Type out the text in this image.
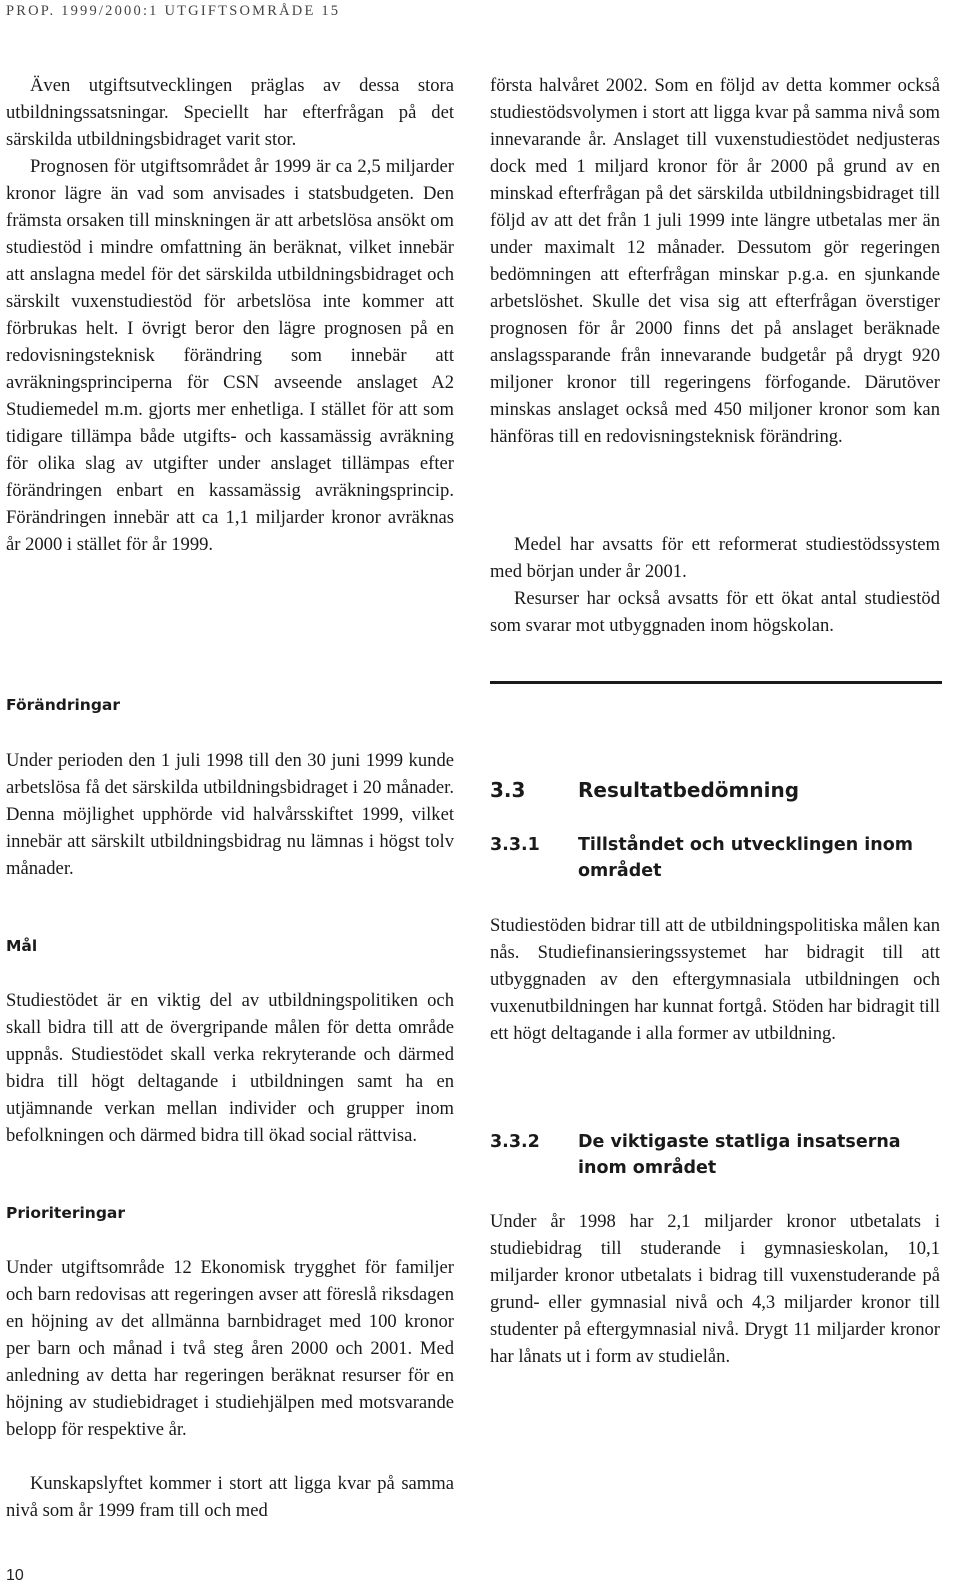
PROP. 1999/2000:1 UTGIFTSOMRÅDE 15

Även utgiftsutvecklingen präglas av dessa stora utbildningssatsningar. Speciellt har efterfrågan på det särskilda utbildningsbidraget varit stor.

Prognosen för utgiftsområdet år 1999 är ca 2,5 miljarder kronor lägre än vad som anvisades i statsbudgeten. Den främsta orsaken till minskningen är att arbetslösa ansökt om studiestöd i mindre omfattning än beräknat, vilket innebär att anslagna medel för det särskilda utbildningsbidraget och särskilt vuxenstudiestöd för arbetslösa inte kommer att förbrukas helt. I övrigt beror den lägre prognosen på en redovisningsteknisk förändring som innebär att avräkningsprinciperna för CSN avseende anslaget A2 Studiemedel m.m. gjorts mer enhetliga. I stället för att som tidigare tillämpa både utgifts- och kassamässig avräkning för olika slag av utgifter under anslaget tillämpas efter förändringen enbart en kassamässig avräkningsprincip. Förändringen innebär att ca 1,1 miljarder kronor avräknas år 2000 i stället för år 1999.

Förändringar

Under perioden den 1 juli 1998 till den 30 juni 1999 kunde arbetslösa få det särskilda utbildningsbidraget i 20 månader. Denna möjlighet upphörde vid halvårsskiftet 1999, vilket innebär att särskilt utbildningsbidrag nu lämnas i högst tolv månader.

Mål

Studiestödet är en viktig del av utbildningspolitiken och skall bidra till att de övergripande målen för detta område uppnås. Studiestödet skall verka rekryterande och därmed bidra till högt deltagande i utbildningen samt ha en utjämnande verkan mellan individer och grupper inom befolkningen och därmed bidra till ökad social rättvisa.

Prioriteringar

Under utgiftsområde 12 Ekonomisk trygghet för familjer och barn redovisas att regeringen avser att föreslå riksdagen en höjning av det allmänna barnbidraget med 100 kronor per barn och månad i två steg åren 2000 och 2001. Med anledning av detta har regeringen beräknat resurser för en höjning av studiebidraget i studiehjälpen med motsvarande belopp för respektive år.

Kunskapslyftet kommer i stort att ligga kvar på samma nivå som år 1999 fram till och med

första halvåret 2002. Som en följd av detta kommer också studiestödsvolymen i stort att ligga kvar på samma nivå som innevarande år. Anslaget till vuxenstudiestödet nedjusteras dock med 1 miljard kronor för år 2000 på grund av en minskad efterfrågan på det särskilda utbildningsbidraget till följd av att det från 1 juli 1999 inte längre utbetalas mer än under maximalt 12 månader. Dessutom gör regeringen bedömningen att efterfrågan minskar p.g.a. en sjunkande arbetslöshet. Skulle det visa sig att efterfrågan överstiger prognosen för år 2000 finns det på anslaget beräknade anslagssparande från innevarande budgetår på drygt 920 miljoner kronor till regeringens förfogande. Därutöver minskas anslaget också med 450 miljoner kronor som kan hänföras till en redovisningsteknisk förändring.

Medel har avsatts för ett reformerat studiestödssystem med början under år 2001.

Resurser har också avsatts för ett ökat antal studiestöd som svarar mot utbyggnaden inom högskolan.

3.3	Resultatbedömning
3.3.1 Tillståndet och utvecklingen inom området

Studiestöden bidrar till att de utbildningspolitiska målen kan nås. Studiefinansieringssystemet har bidragit till att utbyggnaden av den eftergymnasiala utbildningen och vuxenutbildningen har kunnat fortgå. Stöden har bidragit till ett högt deltagande i alla former av utbildning.

3.3.2 De viktigaste statliga insatserna inom området

Under år 1998 har 2,1 miljarder kronor utbetalats i studiebidrag till studerande i gymnasieskolan, 10,1 miljarder kronor utbetalats i bidrag till vuxenstuderande på grund- eller gymnasial nivå och 4,3 miljarder kronor till studenter på eftergymnasial nivå. Drygt 11 miljarder kronor har lånats ut i form av studielån.

10
